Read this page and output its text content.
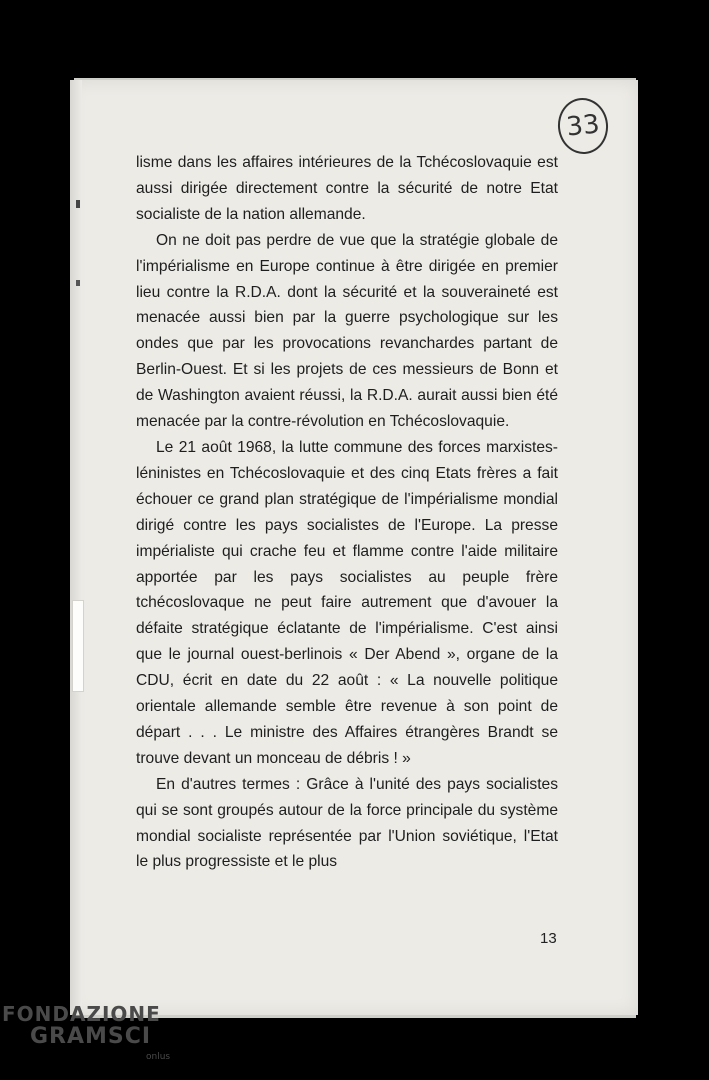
33

lisme dans les affaires intérieures de la Tchécoslovaquie est aussi dirigée directement contre la sécurité de notre Etat socialiste de la nation allemande.

On ne doit pas perdre de vue que la stratégie globale de l'impérialisme en Europe continue à être dirigée en premier lieu contre la R.D.A. dont la sécurité et la souveraineté est menacée aussi bien par la guerre psychologique sur les ondes que par les provocations revanchardes partant de Berlin-Ouest. Et si les projets de ces messieurs de Bonn et de Washington avaient réussi, la R.D.A. aurait aussi bien été menacée par la contre-révolution en Tchécoslovaquie.

Le 21 août 1968, la lutte commune des forces marxistes-léninistes en Tchécoslovaquie et des cinq Etats frères a fait échouer ce grand plan stratégique de l'impérialisme mondial dirigé contre les pays socialistes de l'Europe. La presse impérialiste qui crache feu et flamme contre l'aide militaire apportée par les pays socialistes au peuple frère tchécoslovaque ne peut faire autrement que d'avouer la défaite stratégique éclatante de l'impérialisme. C'est ainsi que le journal ouest-berlinois « Der Abend », organe de la CDU, écrit en date du 22 août : « La nouvelle politique orientale allemande semble être revenue à son point de départ . . . Le ministre des Affaires étrangères Brandt se trouve devant un monceau de débris ! »

En d'autres termes : Grâce à l'unité des pays socialistes qui se sont groupés autour de la force principale du système mondial socialiste représentée par l'Union soviétique, l'Etat le plus progressiste et le plus

13
FONDAZIONE
GRAMSCI
onlus
